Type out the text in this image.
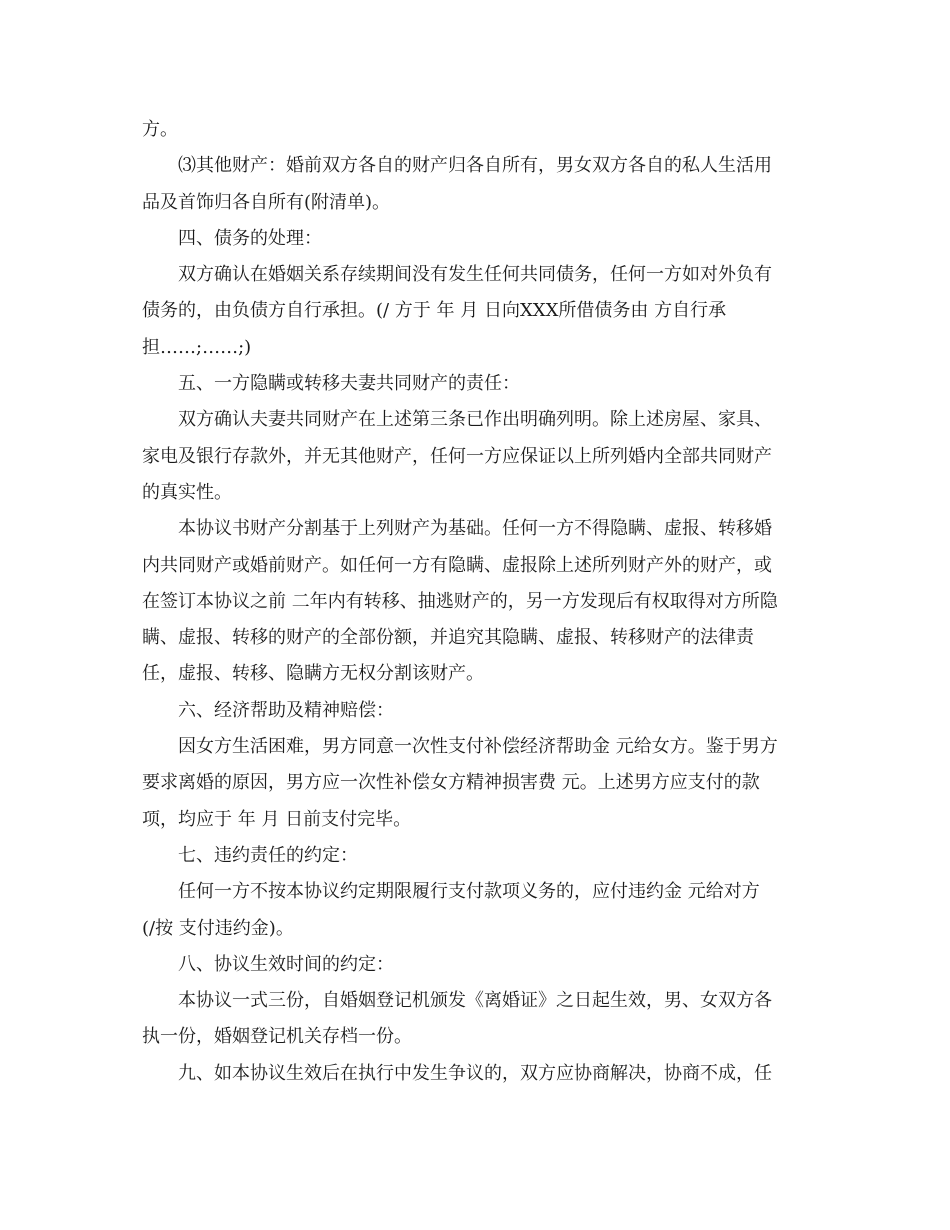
方。
⑶其他财产：婚前双方各自的财产归各自所有，男女双方各自的私人生活用
品及首饰归各自所有(附清单)。
四、债务的处理：
双方确认在婚姻关系存续期间没有发生任何共同债务，任何一方如对外负有
债务的，由负债方自行承担。(/ 方于 年 月 日向XXX所借债务由 方自行承
担……;……;)
五、一方隐瞒或转移夫妻共同财产的责任：
双方确认夫妻共同财产在上述第三条已作出明确列明。除上述房屋、家具、
家电及银行存款外，并无其他财产，任何一方应保证以上所列婚内全部共同财产
的真实性。
本协议书财产分割基于上列财产为基础。任何一方不得隐瞒、虚报、转移婚
内共同财产或婚前财产。如任何一方有隐瞒、虚报除上述所列财产外的财产，或
在签订本协议之前 二年内有转移、抽逃财产的，另一方发现后有权取得对方所隐
瞒、虚报、转移的财产的全部份额，并追究其隐瞒、虚报、转移财产的法律责
任，虚报、转移、隐瞒方无权分割该财产。
六、经济帮助及精神赔偿：
因女方生活困难，男方同意一次性支付补偿经济帮助金 元给女方。鉴于男方
要求离婚的原因，男方应一次性补偿女方精神损害费 元。上述男方应支付的款
项，均应于 年 月 日前支付完毕。
七、违约责任的约定：
任何一方不按本协议约定期限履行支付款项义务的，应付违约金 元给对方
(/按 支付违约金)。
八、协议生效时间的约定：
本协议一式三份，自婚姻登记机颁发《离婚证》之日起生效，男、女双方各
执一份，婚姻登记机关存档一份。
九、如本协议生效后在执行中发生争议的，双方应协商解决，协商不成，任
